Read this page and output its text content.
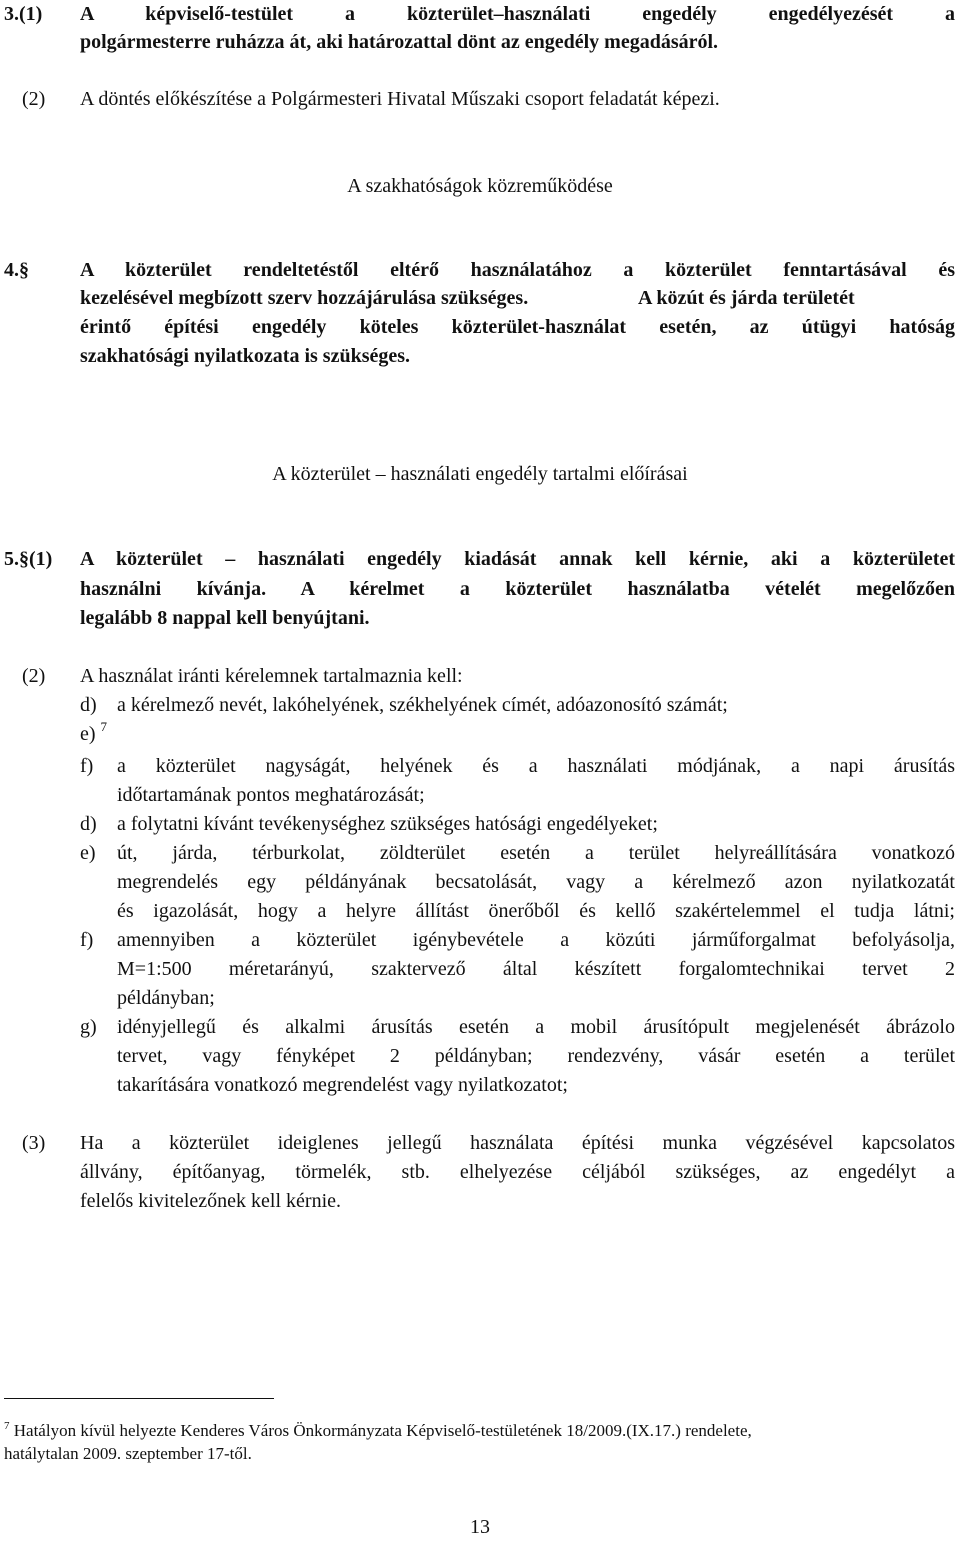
3.(1) A képviselő-testület a közterület–használati engedély engedélyezését a
polgármesterre ruházza át, aki határozattal dönt az engedély megadásáról.
(2) A döntés előkészítése a Polgármesteri Hivatal Műszaki csoport feladatát képezi.
A szakhatóságok közreműködése
4.§	A közterület rendeltetéstől eltérő használatához a közterület fenntartásával és
kezelésével megbízott szerv hozzájárulása szükséges.	A közút és járda területét
érintő építési engedély köteles közterület-használat esetén, az útügyi hatóság
szakhatósági nyilatkozata is szükséges.
A közterület – használati engedély tartalmi előírásai
5.§(1) A közterület – használati engedély kiadását annak kell kérnie, aki a közterületet
használni kívánja. A kérelmet a közterület használatba vételét megelőzően
legalább 8 nappal kell benyújtani.
(2) A használat iránti kérelemnek tartalmaznia kell:
d) a kérelmező nevét, lakóhelyének, székhelyének címét, adóazonosító számát;
e) $^7$
f) a közterület nagyságát, helyének és a használati módjának, a napi árusítás
időtartamának pontos meghatározását;
d) a folytatni kívánt tevékenységhez szükséges hatósági engedélyeket;
e) út, járda, térburkolat, zöldterület esetén a terület helyreállítására vonatkozó
megrendelés egy példányának becsatolását, vagy a kérelmező azon nyilatkozatát
és igazolását, hogy a helyre állítást önerőből és kellő szakértelemmel el tudja látni;
f) amennyiben a közterület igénybevétele a közúti járműforgalmat befolyásolja,
M=1:500 méretarányú, szaktervező által készített forgalomtechnikai tervet 2
példányban;
g) idényjellegű és alkalmi árusítás esetén a mobil árusítópult megjelenését ábrázolo
tervet, vagy fényképet 2 példányban; rendezvény, vásár esetén a terület
takarítására vonatkozó megrendelést vagy nyilatkozatot;
(3) Ha a közterület ideiglenes jellegű használata építési munka végzésével kapcsolatos
állvány, építőanyag, törmelék, stb. elhelyezése céljából szükséges, az engedélyt a
felelős kivitelezőnek kell kérnie.
$^7$ Hatályon kívül helyezte Kenderes Város Önkormányzata Képviselő-testületének 18/2009.(IX.17.) rendelete,
hatálytalan 2009. szeptember 17-től.
13
